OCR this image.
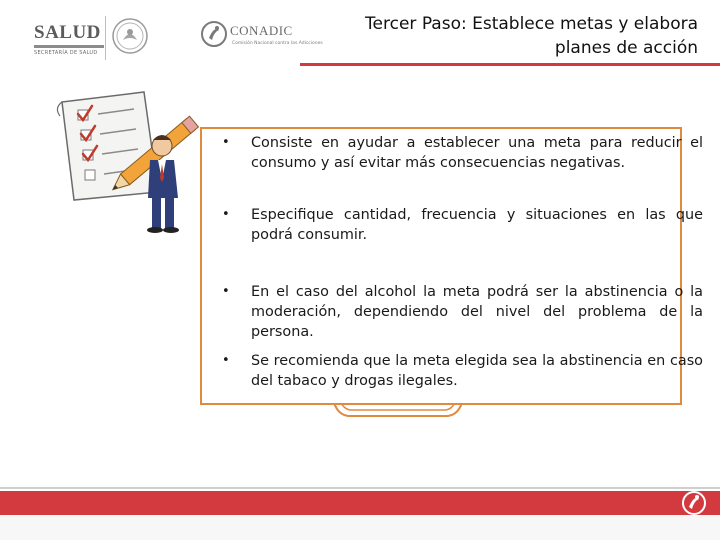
SALUD
SECRETARÍA DE SALUD
CONADIC
Comisión Nacional contra las Adicciones
Tercer Paso: Establece metas y elabora
planes de acción
• Consiste en ayudar a establecer una meta para reducir el consumo y así evitar más consecuencias negativas.
• Especifique cantidad, frecuencia y situaciones en las que podrá consumir.
• En el caso del alcohol la meta podrá ser la abstinencia o la moderación, dependiendo del nivel del problema de la persona.
• Se recomienda que la meta elegida sea la abstinencia en caso del tabaco y drogas ilegales.
